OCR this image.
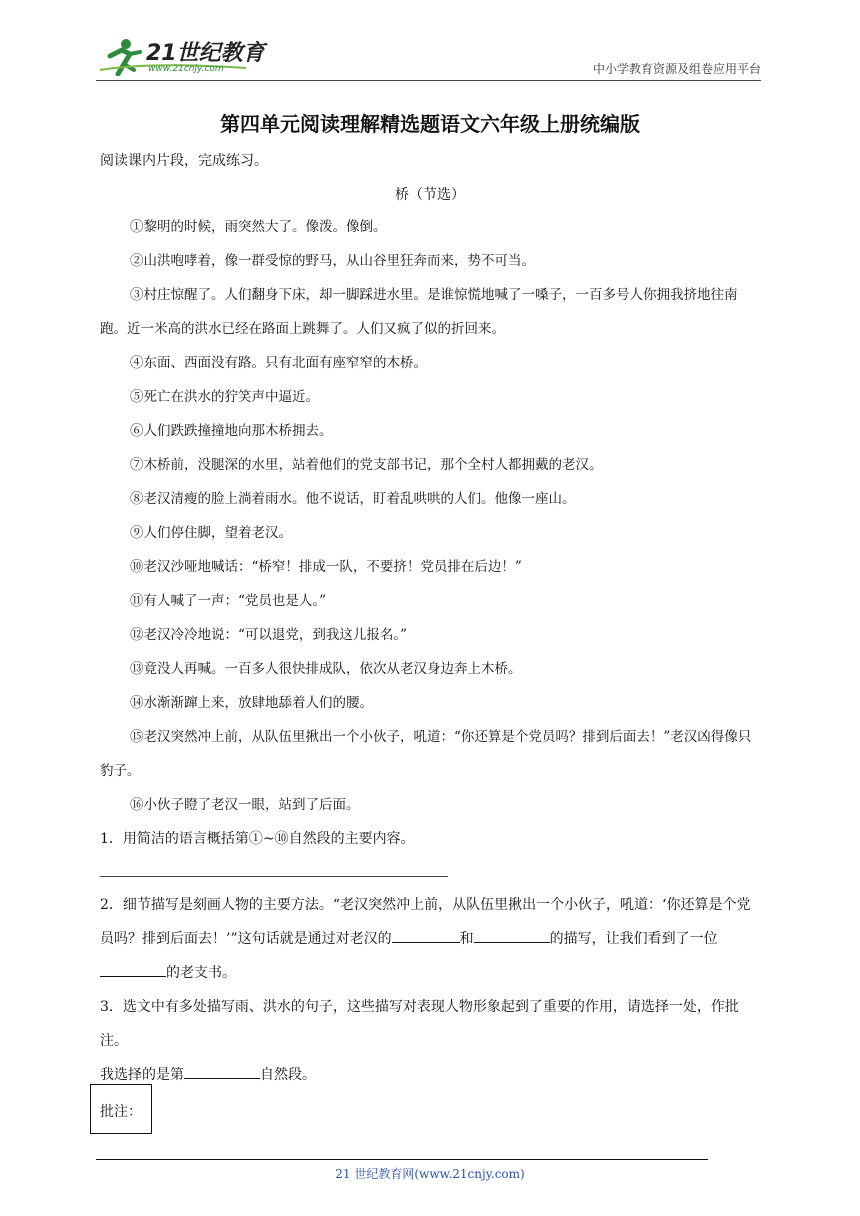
21世纪教育
www.21cnjy.com	中小学教育资源及组卷应用平台
第四单元阅读理解精选题语文六年级上册统编版
阅读课内片段，完成练习。
桥（节选）
①黎明的时候，雨突然大了。像泼。像倒。
②山洪咆哮着，像一群受惊的野马，从山谷里狂奔而来，势不可当。
③村庄惊醒了。人们翻身下床，却一脚踩进水里。是谁惊慌地喊了一嗓子，一百多号人你拥我挤地往南跑。近一米高的洪水已经在路面上跳舞了。人们又疯了似的折回来。
④东面、西面没有路。只有北面有座窄窄的木桥。
⑤死亡在洪水的狞笑声中逼近。
⑥人们跌跌撞撞地向那木桥拥去。
⑦木桥前，没腿深的水里，站着他们的党支部书记，那个全村人都拥戴的老汉。
⑧老汉清瘦的脸上淌着雨水。他不说话，盯着乱哄哄的人们。他像一座山。
⑨人们停住脚，望着老汉。
⑩老汉沙哑地喊话：“桥窄！排成一队，不要挤！党员排在后边！”
⑪有人喊了一声：“党员也是人。”
⑫老汉冷冷地说：“可以退党，到我这儿报名。”
⑬竟没人再喊。一百多人很快排成队，依次从老汉身边奔上木桥。
⑭水渐渐蹿上来，放肆地舔着人们的腰。
⑮老汉突然冲上前，从队伍里揪出一个小伙子，吼道：“你还算是个党员吗？排到后面去！”老汉凶得像只豹子。
⑯小伙子瞪了老汉一眼，站到了后面。
1．用简洁的语言概括第①~⑩自然段的主要内容。
2．细节描写是刻画人物的主要方法。“老汉突然冲上前，从队伍里揪出一个小伙子，吼道：‘你还算是个党员吗？排到后面去！’”这句话就是通过对老汉的	和	的描写，让我们看到了一位的老支书。
3．选文中有多处描写雨、洪水的句子，这些描写对表现人物形象起到了重要的作用，请选择一处，作批注。
我选择的是第	自然段。
批注：
21 世纪教育网(www.21cnjy.com)
